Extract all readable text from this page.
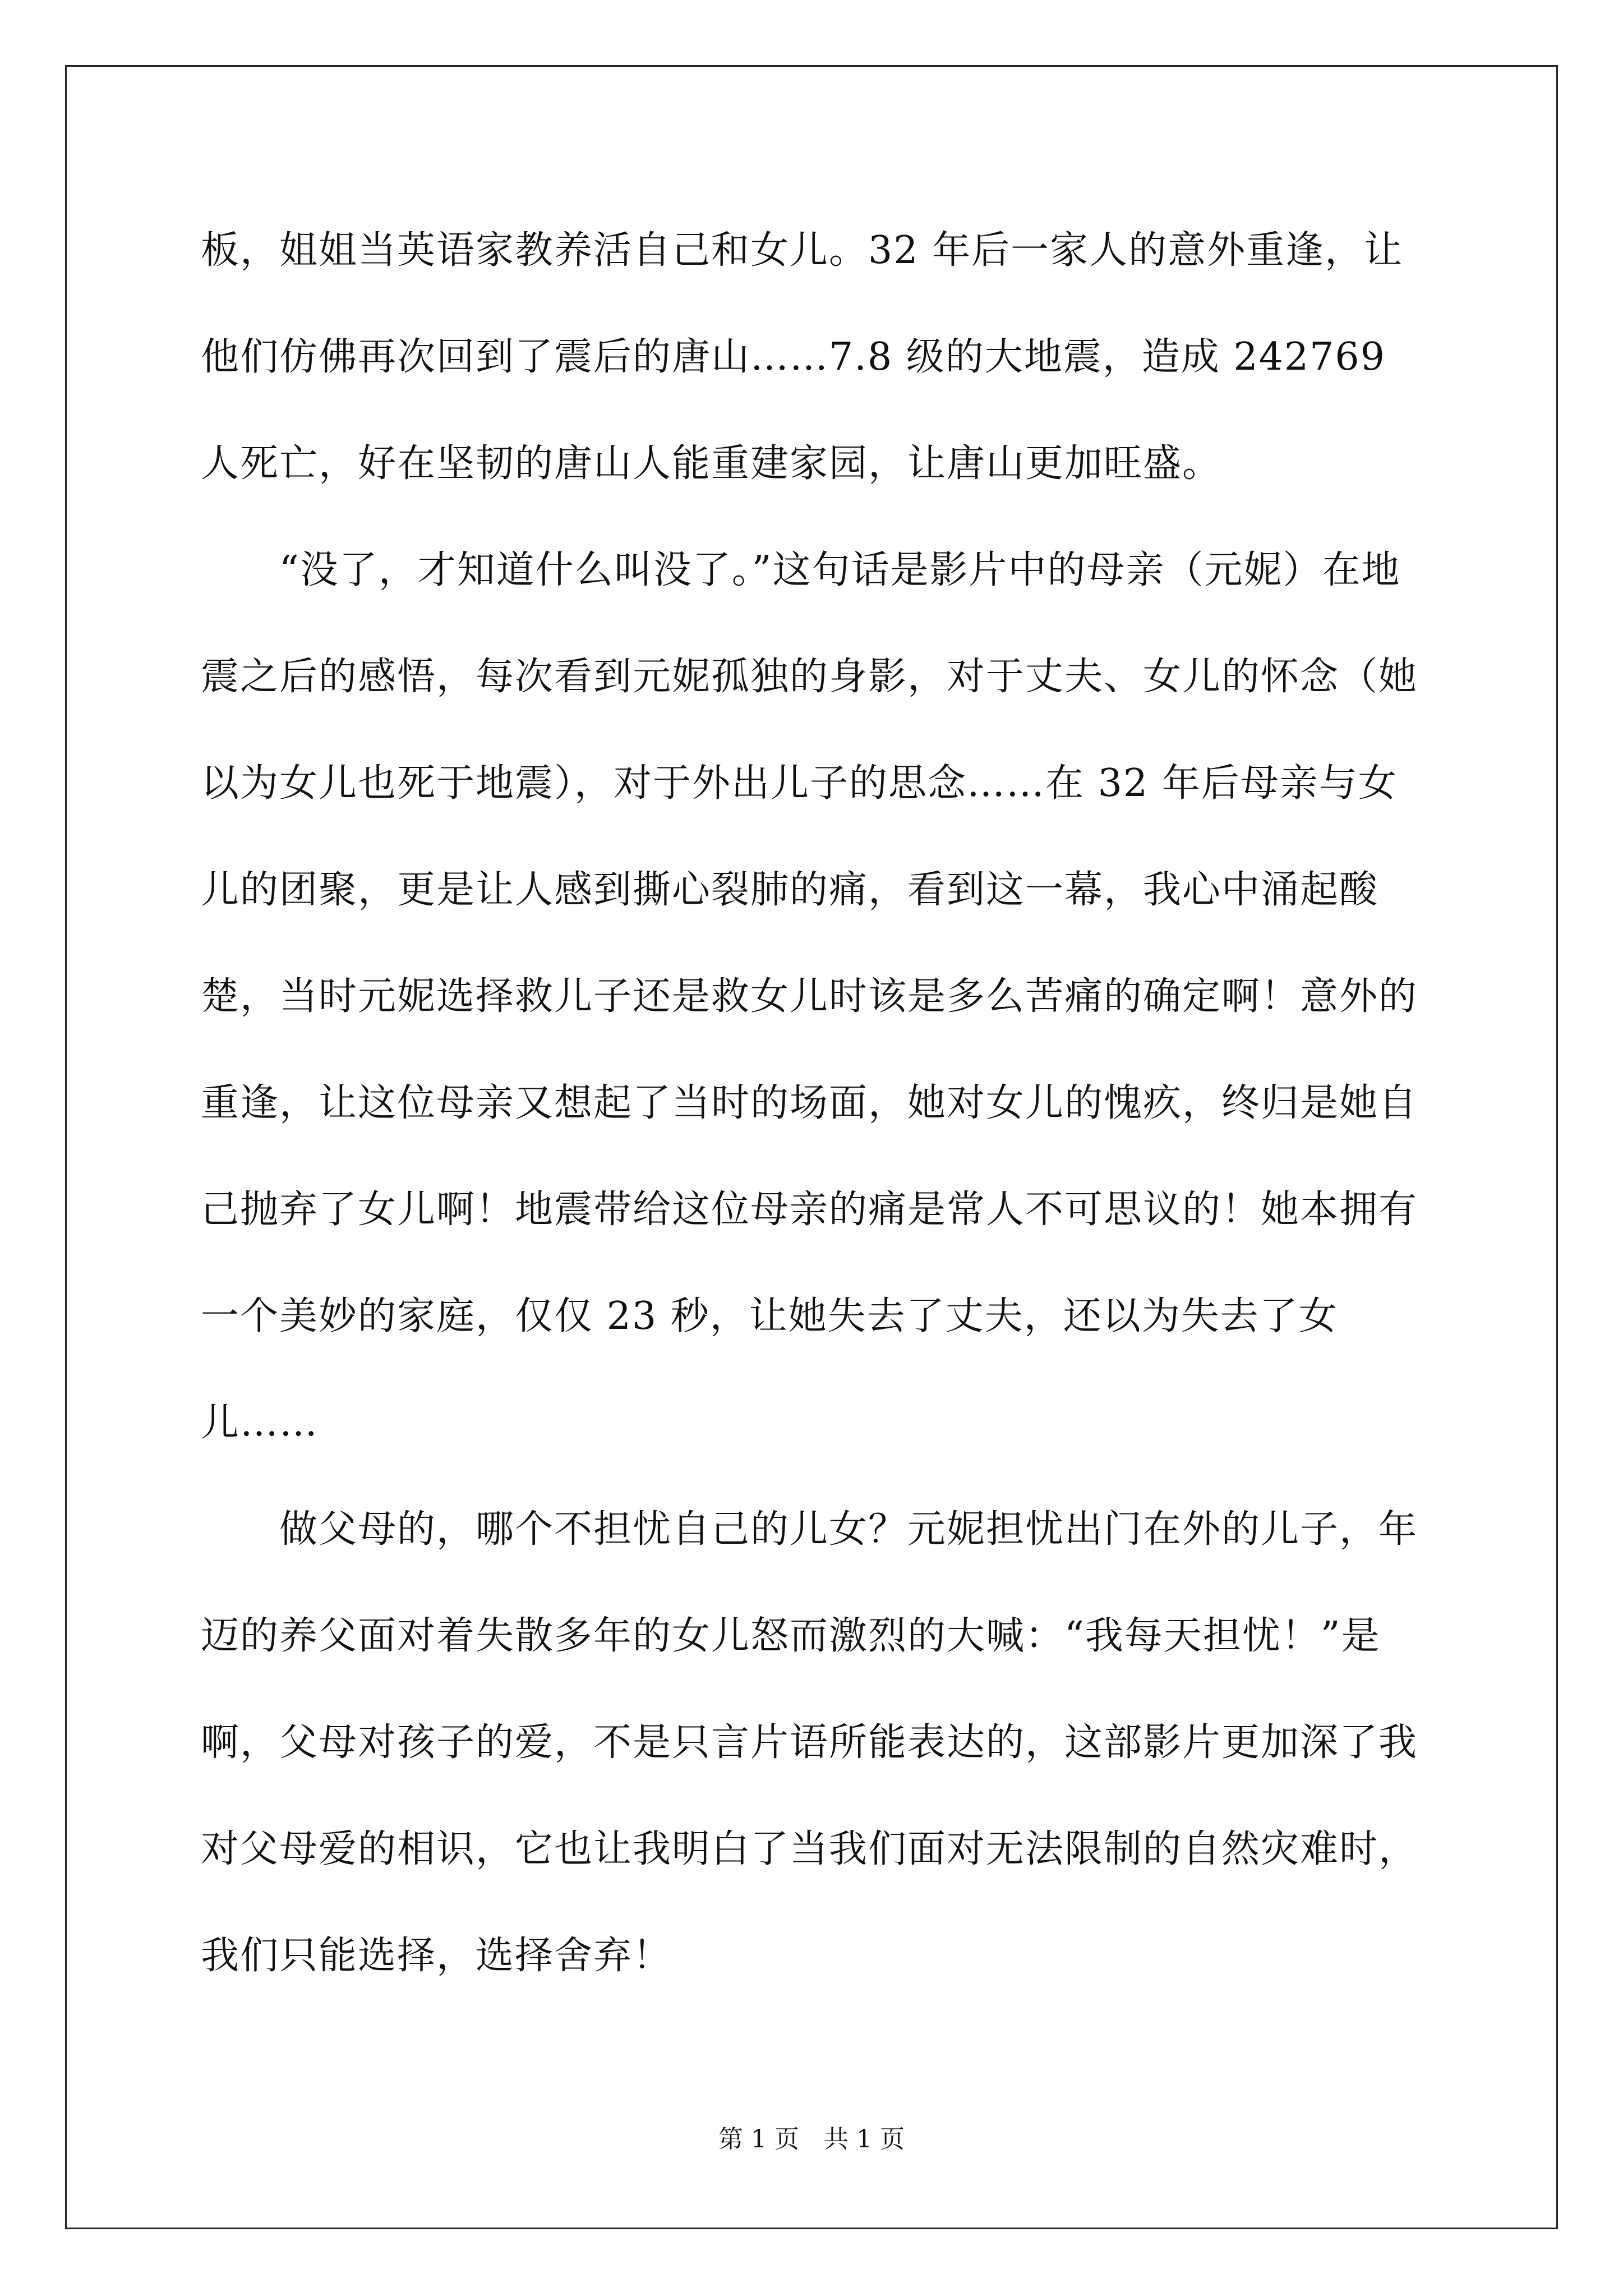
板，姐姐当英语家教养活自己和女儿。32 年后一家人的意外重逢，让他们仿佛再次回到了震后的唐山……7.8 级的大地震，造成 242769 人死亡，好在坚韧的唐山人能重建家园，让唐山更加旺盛。

　　“没了，才知道什么叫没了。”这句话是影片中的母亲（元妮）在地震之后的感悟，每次看到元妮孤独的身影，对于丈夫、女儿的怀念（她以为女儿也死于地震），对于外出儿子的思念……在 32 年后母亲与女儿的团聚，更是让人感到撕心裂肺的痛，看到这一幕，我心中涌起酸楚，当时元妮选择救儿子还是救女儿时该是多么苦痛的确定啊！意外的重逢，让这位母亲又想起了当时的场面，她对女儿的愧疚，终归是她自己抛弃了女儿啊！地震带给这位母亲的痛是常人不可思议的！她本拥有一个美妙的家庭，仅仅 23 秒，让她失去了丈夫，还以为失去了女儿……

　　做父母的，哪个不担忧自己的儿女？元妮担忧出门在外的儿子，年迈的养父面对着失散多年的女儿怒而激烈的大喊：“我每天担忧！”是啊，父母对孩子的爱，不是只言片语所能表达的，这部影片更加深了我对父母爱的相识，它也让我明白了当我们面对无法限制的自然灾难时，我们只能选择，选择舍弃！

第 1 页　共 1 页
